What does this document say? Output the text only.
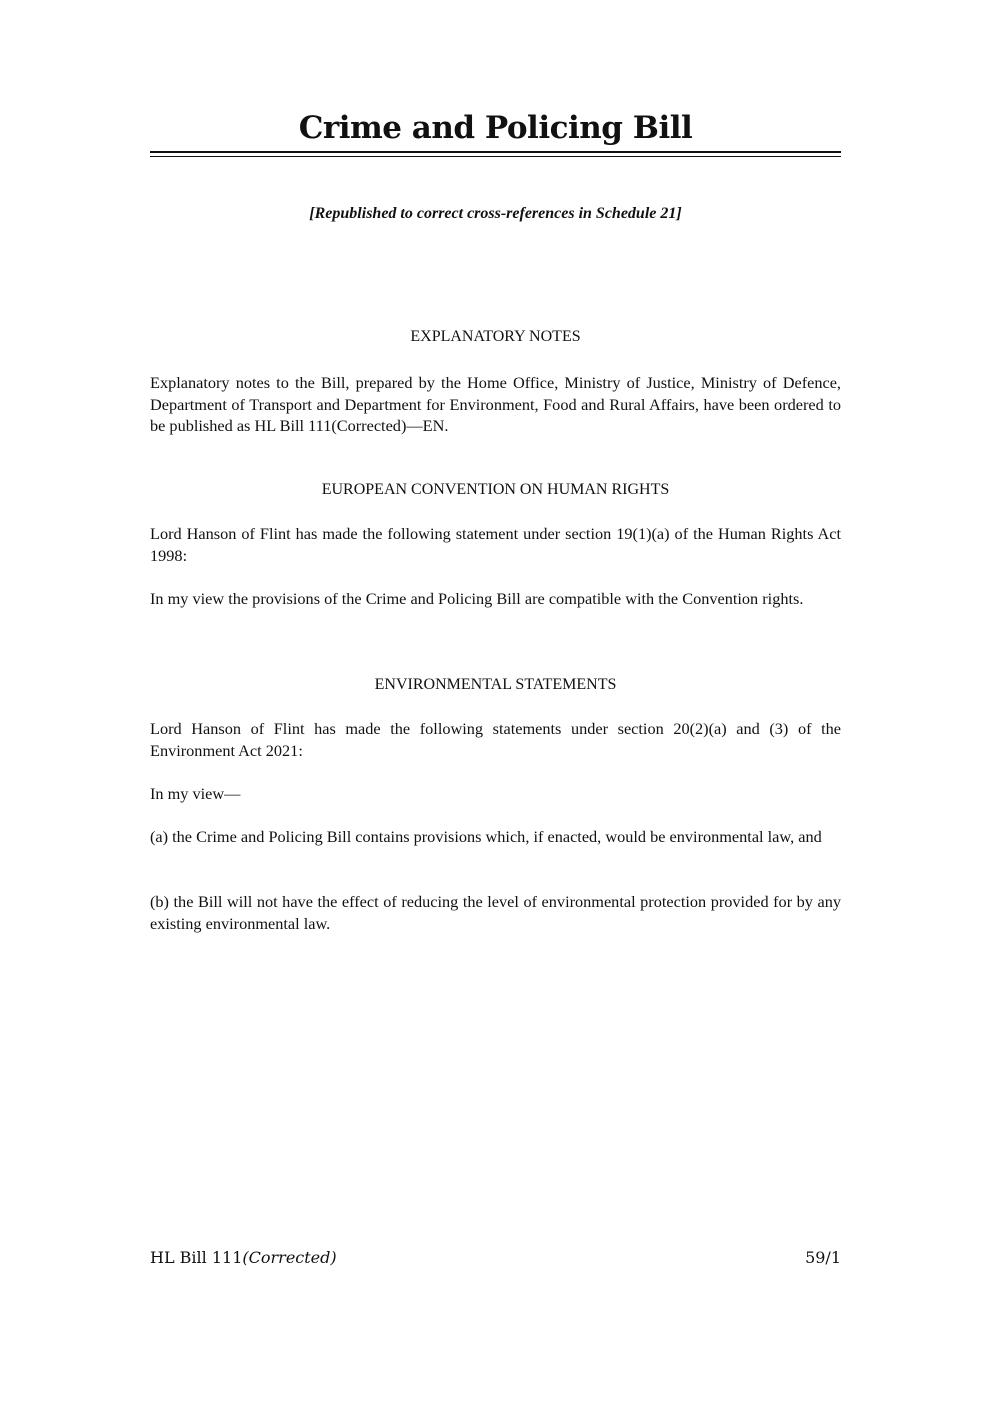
Crime and Policing Bill
[Republished to correct cross-references in Schedule 21]
EXPLANATORY NOTES
Explanatory notes to the Bill, prepared by the Home Office, Ministry of Justice, Ministry of Defence, Department of Transport and Department for Environment, Food and Rural Affairs, have been ordered to be published as HL Bill 111(Corrected)—EN.
EUROPEAN CONVENTION ON HUMAN RIGHTS
Lord Hanson of Flint has made the following statement under section 19(1)(a) of the Human Rights Act 1998:
In my view the provisions of the Crime and Policing Bill are compatible with the Convention rights.
ENVIRONMENTAL STATEMENTS
Lord Hanson of Flint has made the following statements under section 20(2)(a) and (3) of the Environment Act 2021:
In my view—
(a) the Crime and Policing Bill contains provisions which, if enacted, would be environmental law, and
(b) the Bill will not have the effect of reducing the level of environmental protection provided for by any existing environmental law.
HL Bill 111(Corrected)	59/1
